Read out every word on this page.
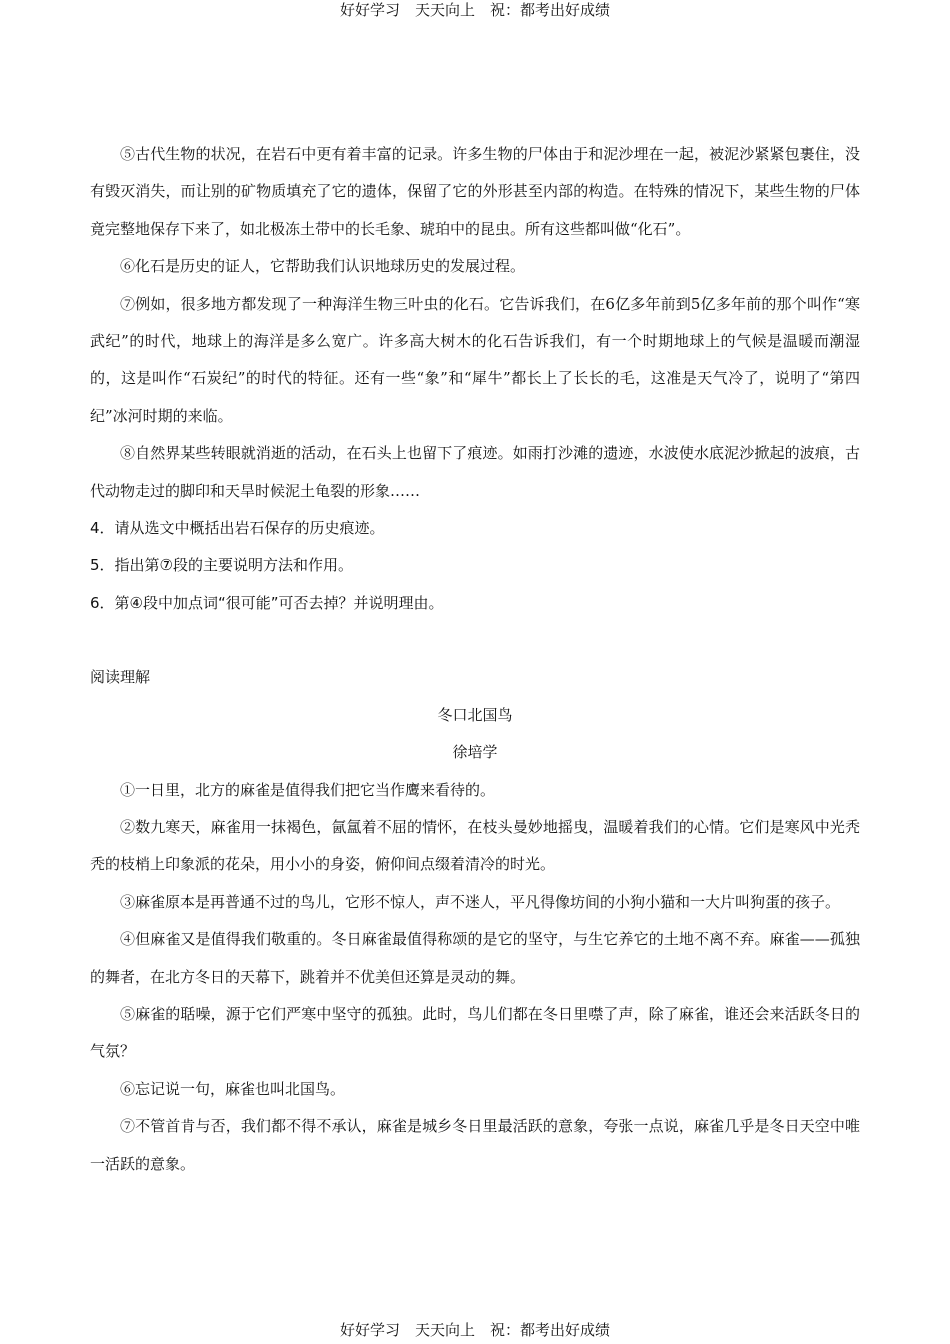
好好学习　天天向上　祝：都考出好成绩

⑤古代生物的状况，在岩石中更有着丰富的记录。许多生物的尸体由于和泥沙埋在一起，被泥沙紧紧包裹住，没有毁灭消失，而让别的矿物质填充了它的遗体，保留了它的外形甚至内部的构造。在特殊的情况下，某些生物的尸体竟完整地保存下来了，如北极冻土带中的长毛象、琥珀中的昆虫。所有这些都叫做“化石”。

⑥化石是历史的证人，它帮助我们认识地球历史的发展过程。

⑦例如，很多地方都发现了一种海洋生物三叶虫的化石。它告诉我们，在6亿多年前到5亿多年前的那个叫作“寒武纪”的时代，地球上的海洋是多么宽广。许多高大树木的化石告诉我们，有一个时期地球上的气候是温暖而潮湿的，这是叫作“石炭纪”的时代的特征。还有一些“象”和“犀牛”都长上了长长的毛，这准是天气冷了，说明了“第四纪”冰河时期的来临。

⑧自然界某些转眼就消逝的活动，在石头上也留下了痕迹。如雨打沙滩的遗迹，水波使水底泥沙掀起的波痕，古代动物走过的脚印和天旱时候泥土龟裂的形象……

4．请从选文中概括出岩石保存的历史痕迹。

5．指出第⑦段的主要说明方法和作用。

6．第④段中加点词“很可能”可否去掉？并说明理由。

阅读理解

冬口北国鸟

徐培学

①一日里，北方的麻雀是值得我们把它当作鹰来看待的。

②数九寒天，麻雀用一抹褐色，氤氲着不屈的情怀，在枝头曼妙地摇曳，温暖着我们的心情。它们是寒风中光秃秃的枝梢上印象派的花朵，用小小的身姿，俯仰间点缀着清冷的时光。

③麻雀原本是再普通不过的鸟儿，它形不惊人，声不迷人，平凡得像坊间的小狗小猫和一大片叫狗蛋的孩子。

④但麻雀又是值得我们敬重的。冬日麻雀最值得称颂的是它的坚守，与生它养它的土地不离不弃。麻雀——孤独的舞者，在北方冬日的天幕下，跳着并不优美但还算是灵动的舞。

⑤麻雀的聒噪，源于它们严寒中坚守的孤独。此时，鸟儿们都在冬日里噤了声，除了麻雀，谁还会来活跃冬日的气氛？

⑥忘记说一句，麻雀也叫北国鸟。

⑦不管首肯与否，我们都不得不承认，麻雀是城乡冬日里最活跃的意象，夸张一点说，麻雀几乎是冬日天空中唯一活跃的意象。

好好学习　天天向上　祝：都考出好成绩
